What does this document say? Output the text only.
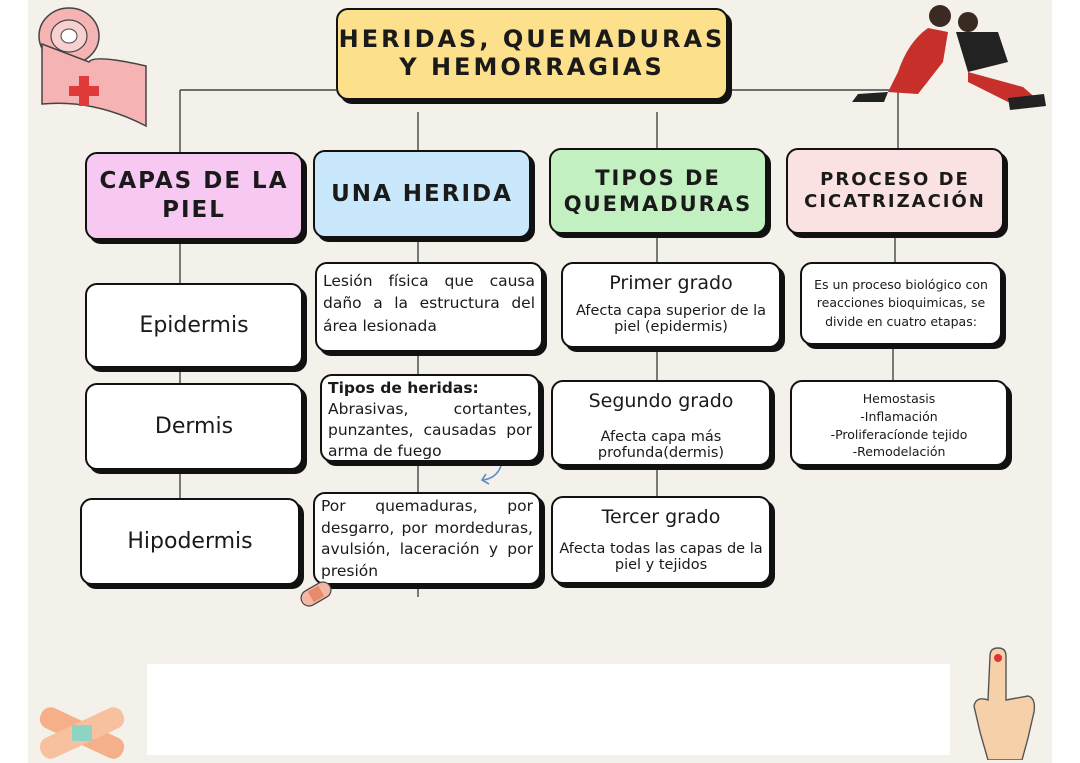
HERIDAS, QUEMADURAS Y HEMORRAGIAS
CAPAS DE LA PIEL
UNA HERIDA
TIPOS DE QUEMADURAS
PROCESO DE CICATRIZACIÓN
Epidermis
Dermis
Hipodermis
Lesión física que causa daño a la estructura del área lesionada
Tipos de heridas:
Abrasivas, cortantes, punzantes, causadas por arma de fuego
Por quemaduras, por desgarro, por mordeduras, avulsión, laceración y por presión
Primer grado
Afecta capa superior de la piel (epidermis)
Segundo grado
Afecta capa más profunda(dermis)
Tercer grado
Afecta todas las capas de la piel y tejidos
Es un proceso biológico con reacciones bioquimicas, se divide en cuatro etapas:
Hemostasis
-Inflamación
-Proliferacíonde tejido
-Remodelación
